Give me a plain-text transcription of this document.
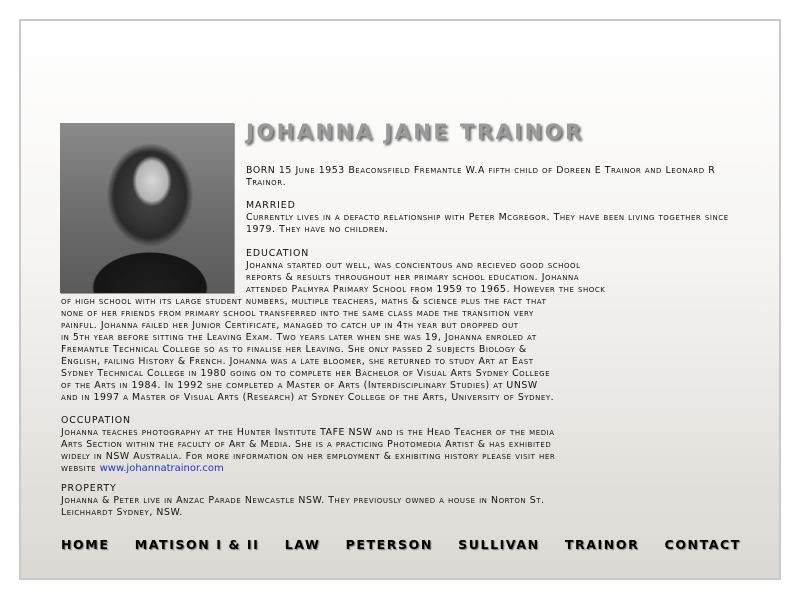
JOHANNA JANE TRAINOR

BORN 15 June 1953 Beaconsfield Fremantle W.A fifth child of Doreen E Trainor and Leonard R Trainor.

MARRIED

Currently lives in a defacto relationship with Peter Mcgregor. They have been living together since 1979. They have no children.

EDUCATION

Johanna started out well, was concientous and recieved good school

reports & results throughout her primary school education. Johanna

attended Palmyra Primary School from 1959 to 1965. However the shock

of high school with its large student numbers, multiple teachers, maths & science plus the fact that

none of her friends from primary school transferred into the same class made the transition very

painful. Johanna failed her Junior Certificate, managed to catch up in 4th year but dropped out

in 5th year before sitting the Leaving Exam. Two years later when she was 19, Johanna enroled at

Fremantle Technical College so as to finalise her Leaving. She only passed 2 subjects Biology &

English, failing History & French. Johanna was a late bloomer, she returned to study Art at East

Sydney Technical College in 1980 going on to complete her Bachelor of Visual Arts Sydney College

of the Arts in 1984. In 1992 she completed a Master of Arts (Interdisciplinary Studies) at UNSW

and in 1997 a Master of Visual Arts (Research) at Sydney College of the Arts, University of Sydney.

OCCUPATION

Johanna teaches photography at the Hunter Institute TAFE NSW and is the Head Teacher of the media

Arts Section within the faculty of Art & Media. She is a practicing Photomedia Artist & has exhibited

widely in NSW Australia. For more information on her employment & exhibiting history please visit her

website www.johannatrainor.com

PROPERTY

Johanna & Peter live in Anzac Parade Newcastle NSW. They previously owned a house in Norton St.

Leichhardt Sydney, NSW.

HOME MATISON I & II LAW PETERSON SULLIVAN TRAINOR CONTACT
